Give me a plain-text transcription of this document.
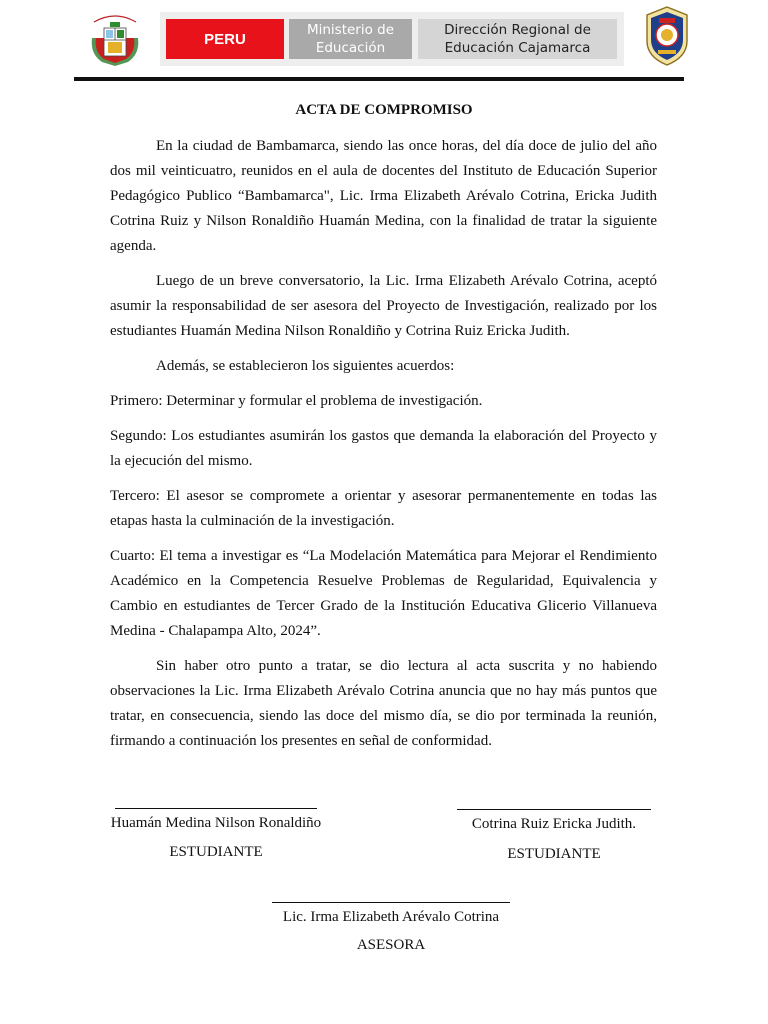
PERU
Ministerio de
Educación
Dirección Regional de
Educación Cajamarca
ACTA DE COMPROMISO

En la ciudad de Bambamarca, siendo las once horas, del día doce de julio del año dos mil veinticuatro, reunidos en el aula de docentes del Instituto de Educación Superior Pedagógico Publico “Bambamarca", Lic. Irma Elizabeth Arévalo Cotrina, Ericka Judith Cotrina Ruiz y Nilson Ronaldiño Huamán Medina, con la finalidad de tratar la siguiente agenda.

Luego de un breve conversatorio, la Lic. Irma Elizabeth Arévalo Cotrina, aceptó asumir la responsabilidad de ser asesora del Proyecto de Investigación, realizado por los estudiantes Huamán Medina Nilson Ronaldiño y Cotrina Ruiz Ericka Judith.

Además, se establecieron los siguientes acuerdos:

Primero: Determinar y formular el problema de investigación.

Segundo: Los estudiantes asumirán los gastos que demanda la elaboración del Proyecto y la ejecución del mismo.

Tercero: El asesor se compromete a orientar y asesorar permanentemente en todas las etapas hasta la culminación de la investigación.

Cuarto: El tema a investigar es “La Modelación Matemática para Mejorar el Rendimiento Académico en la Competencia Resuelve Problemas de Regularidad, Equivalencia y Cambio en estudiantes de Tercer Grado de la Institución Educativa Glicerio Villanueva Medina - Chalapampa Alto, 2024”.

Sin haber otro punto a tratar, se dio lectura al acta suscrita y no habiendo observaciones la Lic. Irma Elizabeth Arévalo Cotrina anuncia que no hay más puntos que tratar, en consecuencia, siendo las doce del mismo día, se dio por terminada la reunión, firmando a continuación los presentes en señal de conformidad.

Huamán Medina Nilson Ronaldiño
ESTUDIANTE
Cotrina Ruiz Ericka Judith.
ESTUDIANTE
Lic. Irma Elizabeth Arévalo Cotrina
ASESORA
